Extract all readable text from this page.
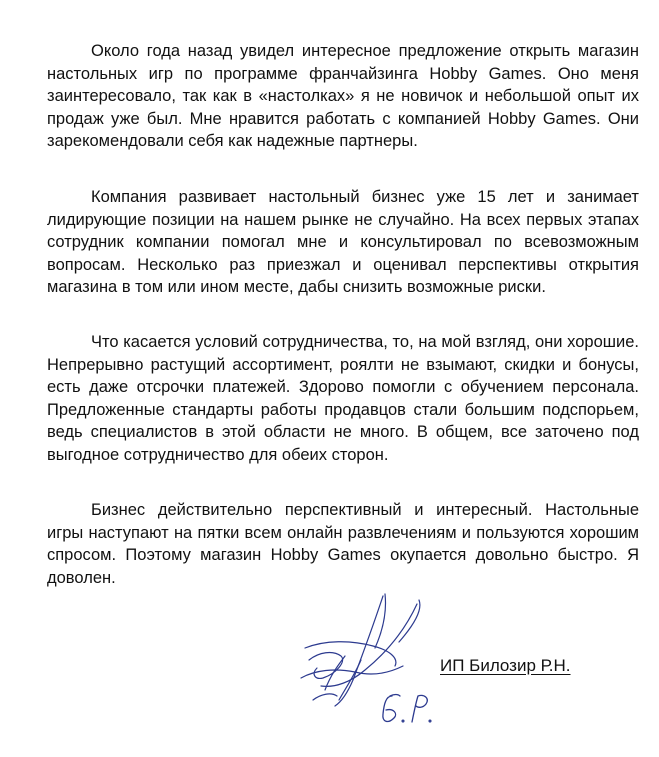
Около года назад увидел интересное предложение открыть магазин настольных игр по программе франчайзинга Hobby Games. Оно меня заинтересовало, так как в «настолках» я не новичок и небольшой опыт их продаж уже был. Мне нравится работать с компанией Hobby Games. Они зарекомендовали себя как надежные партнеры.

Компания развивает настольный бизнес уже 15 лет и занимает лидирующие позиции на нашем рынке не случайно. На всех первых этапах сотрудник компании помогал мне и консультировал по всевозможным вопросам. Несколько раз приезжал и оценивал перспективы открытия магазина в том или ином месте, дабы снизить возможные риски.

Что касается условий сотрудничества, то, на мой взгляд, они хорошие. Непрерывно растущий ассортимент, роялти не взымают, скидки и бонусы, есть даже отсрочки платежей. Здорово помогли с обучением персонала. Предложенные стандарты работы продавцов стали большим подспорьем, ведь специалистов в этой области не много. В общем, все заточено под выгодное сотрудничество для обеих сторон.

Бизнес действительно перспективный и интересный. Настольные игры наступают на пятки всем онлайн развлечениям и пользуются хорошим спросом. Поэтому магазин Hobby Games окупается довольно быстро. Я доволен.

ИП Билозир Р.Н.
